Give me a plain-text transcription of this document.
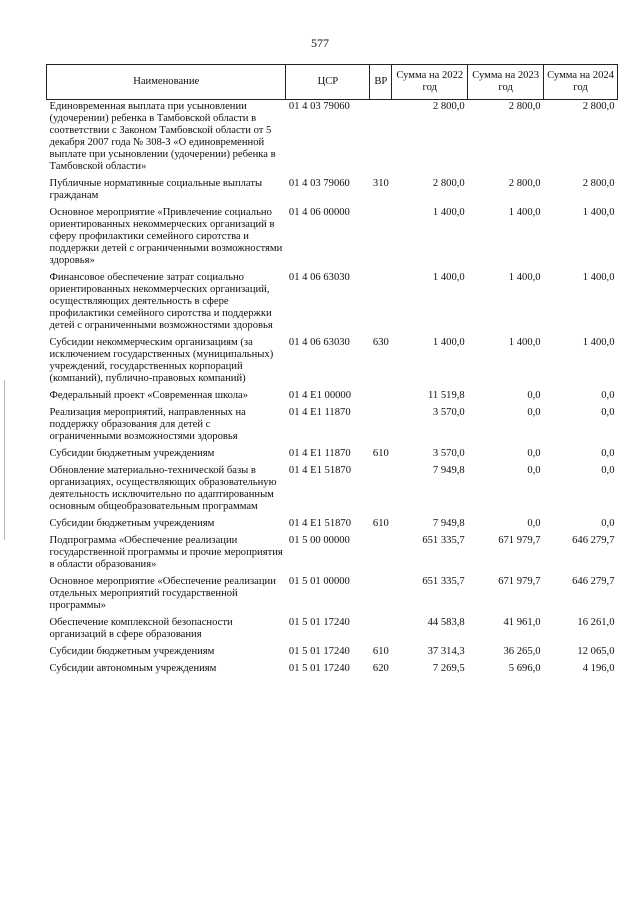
577
Наименование	ЦСР	ВР	Сумма на 2022 год	Сумма на 2023 год	Сумма на 2024 год
Единовременная выплата при усыновлении (удочерении) ребенка в Тамбовской области в соответствии с Законом Тамбовской области от 5 декабря 2007 года № 308-З «О единовременной выплате при усыновлении (удочерении) ребенка в Тамбовской области»	01 4 03 79060		2 800,0	2 800,0	2 800,0
Публичные нормативные социальные выплаты гражданам	01 4 03 79060	310	2 800,0	2 800,0	2 800,0
Основное мероприятие «Привлечение социально ориентированных некоммерческих организаций в сферу профилактики семейного сиротства и поддержки детей с ограниченными возможностями здоровья»	01 4 06 00000		1 400,0	1 400,0	1 400,0
Финансовое обеспечение затрат социально ориентированных некоммерческих организаций, осуществляющих деятельность в сфере профилактики семейного сиротства и поддержки детей с ограниченными возможностями здоровья	01 4 06 63030		1 400,0	1 400,0	1 400,0
Субсидии некоммерческим организациям (за исключением государственных (муниципальных) учреждений, государственных корпораций (компаний), публично-правовых компаний)	01 4 06 63030	630	1 400,0	1 400,0	1 400,0
Федеральный проект «Современная школа»	01 4 E1 00000		11 519,8	0,0	0,0
Реализация мероприятий, направленных на поддержку образования для детей с ограниченными возможностями здоровья	01 4 E1 11870		3 570,0	0,0	0,0
Субсидии бюджетным учреждениям	01 4 E1 11870	610	3 570,0	0,0	0,0
Обновление материально-технической базы в организациях, осуществляющих образовательную деятельность исключительно по адаптированным основным общеобразовательным программам	01 4 E1 51870		7 949,8	0,0	0,0
Субсидии бюджетным учреждениям	01 4 E1 51870	610	7 949,8	0,0	0,0
Подпрограмма «Обеспечение реализации государственной программы и прочие мероприятия в области образования»	01 5 00 00000		651 335,7	671 979,7	646 279,7
Основное мероприятие «Обеспечение реализации отдельных мероприятий государственной программы»	01 5 01 00000		651 335,7	671 979,7	646 279,7
Обеспечение комплексной безопасности организаций в сфере образования	01 5 01 17240		44 583,8	41 961,0	16 261,0
Субсидии бюджетным учреждениям	01 5 01 17240	610	37 314,3	36 265,0	12 065,0
Субсидии автономным учреждениям	01 5 01 17240	620	7 269,5	5 696,0	4 196,0
